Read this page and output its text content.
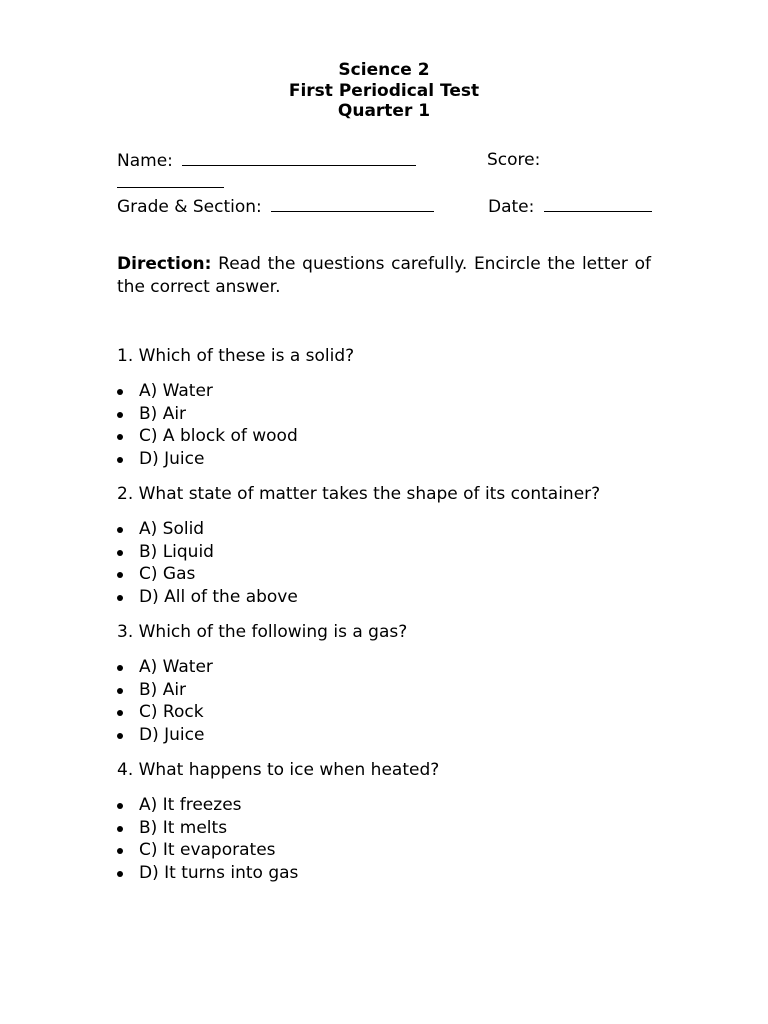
Science 2
First Periodical Test
Quarter 1
Name:	Score:
Grade & Section:	Date:
Direction: Read the questions carefully. Encircle the letter of the correct answer.
1. Which of these is a solid?
A) Water
B) Air
C) A block of wood
D) Juice
2. What state of matter takes the shape of its container?
A) Solid
B) Liquid
C) Gas
D) All of the above
3. Which of the following is a gas?
A) Water
B) Air
C) Rock
D) Juice
4. What happens to ice when heated?
A) It freezes
B) It melts
C) It evaporates
D) It turns into gas
